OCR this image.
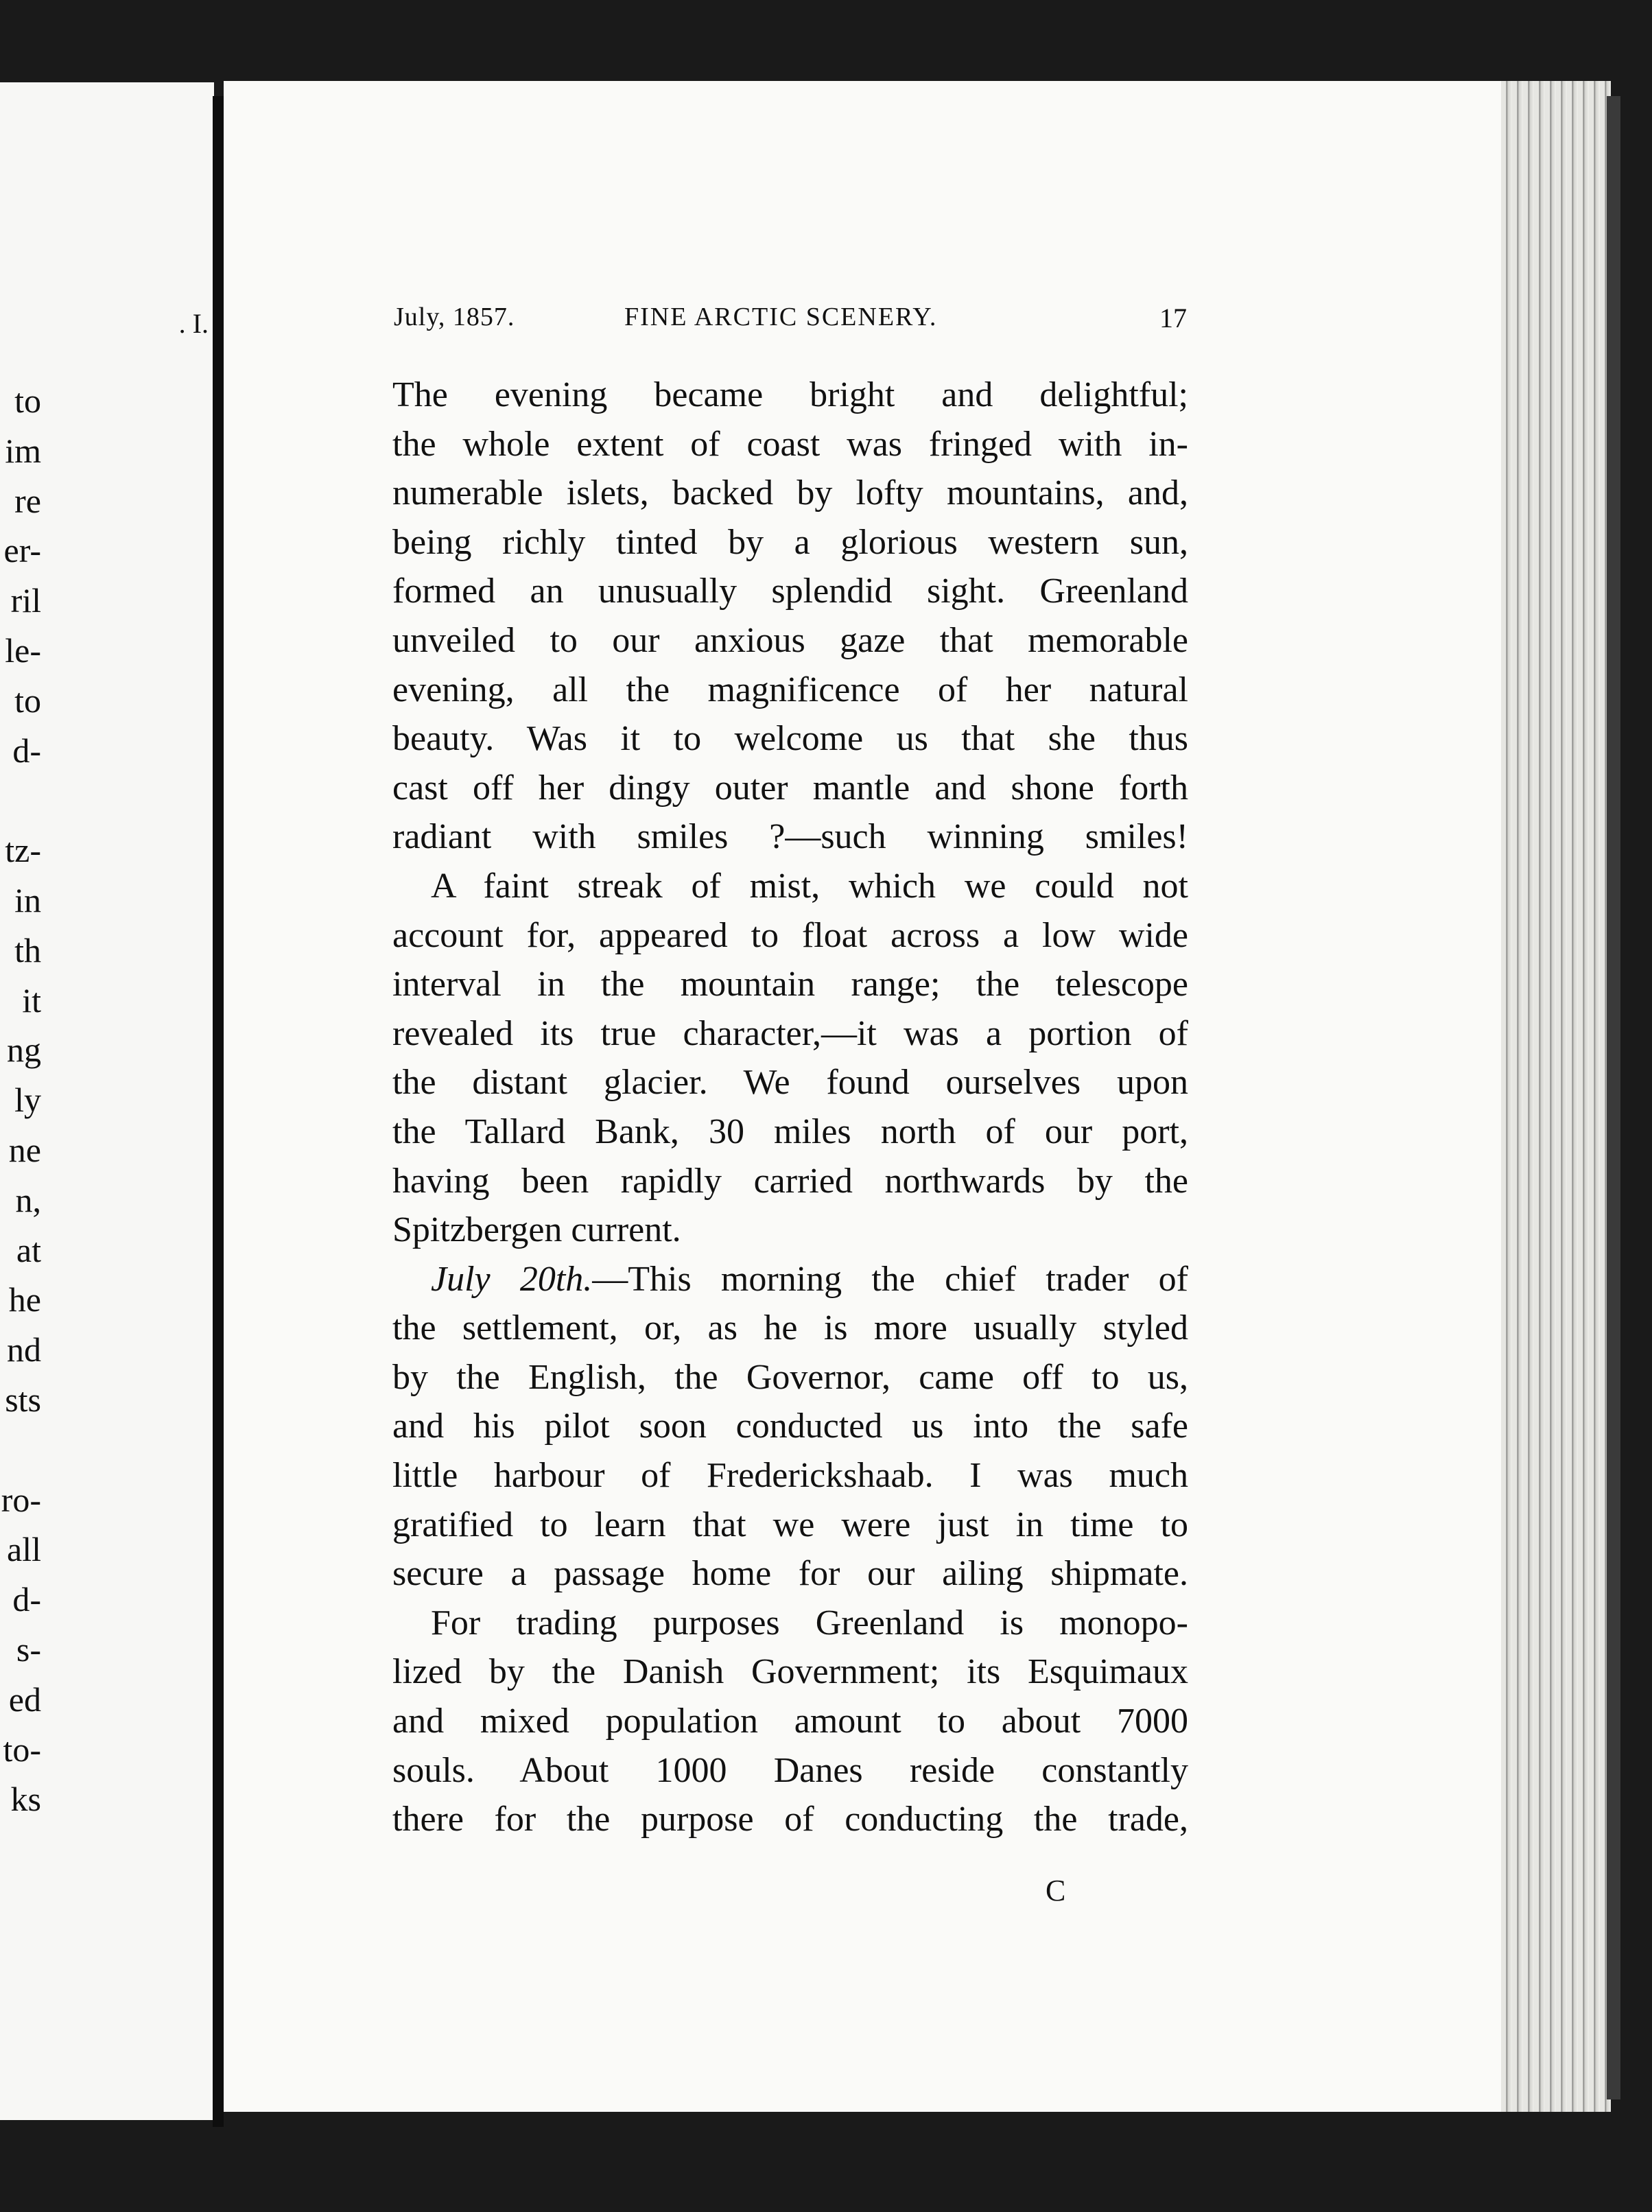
. I.
to
im
re
er-
ril
le-
to
d-
tz-
in
th
it
ng
ly
ne
n,
at
he
nd
sts
ro-
all
d-
s-
ed
to-
ks
July, 1857.	FINE ARCTIC SCENERY.	17
The evening became bright and delightful;
the whole extent of coast was fringed with in-
numerable islets, backed by lofty mountains, and,
being richly tinted by a glorious western sun,
formed an unusually splendid sight. Greenland
unveiled to our anxious gaze that memorable
evening, all the magnificence of her natural
beauty. Was it to welcome us that she thus
cast off her dingy outer mantle and shone forth
radiant with smiles ?—such winning smiles!
A faint streak of mist, which we could not
account for, appeared to float across a low wide
interval in the mountain range; the telescope
revealed its true character,—it was a portion of
the distant glacier. We found ourselves upon
the Tallard Bank, 30 miles north of our port,
having been rapidly carried northwards by the
Spitzbergen current.
July 20th.—This morning the chief trader of
the settlement, or, as he is more usually styled
by the English, the Governor, came off to us,
and his pilot soon conducted us into the safe
little harbour of Frederickshaab. I was much
gratified to learn that we were just in time to
secure a passage home for our ailing shipmate.
For trading purposes Greenland is monopo-
lized by the Danish Government; its Esquimaux
and mixed population amount to about 7000
souls. About 1000 Danes reside constantly
there for the purpose of conducting the trade,
C
